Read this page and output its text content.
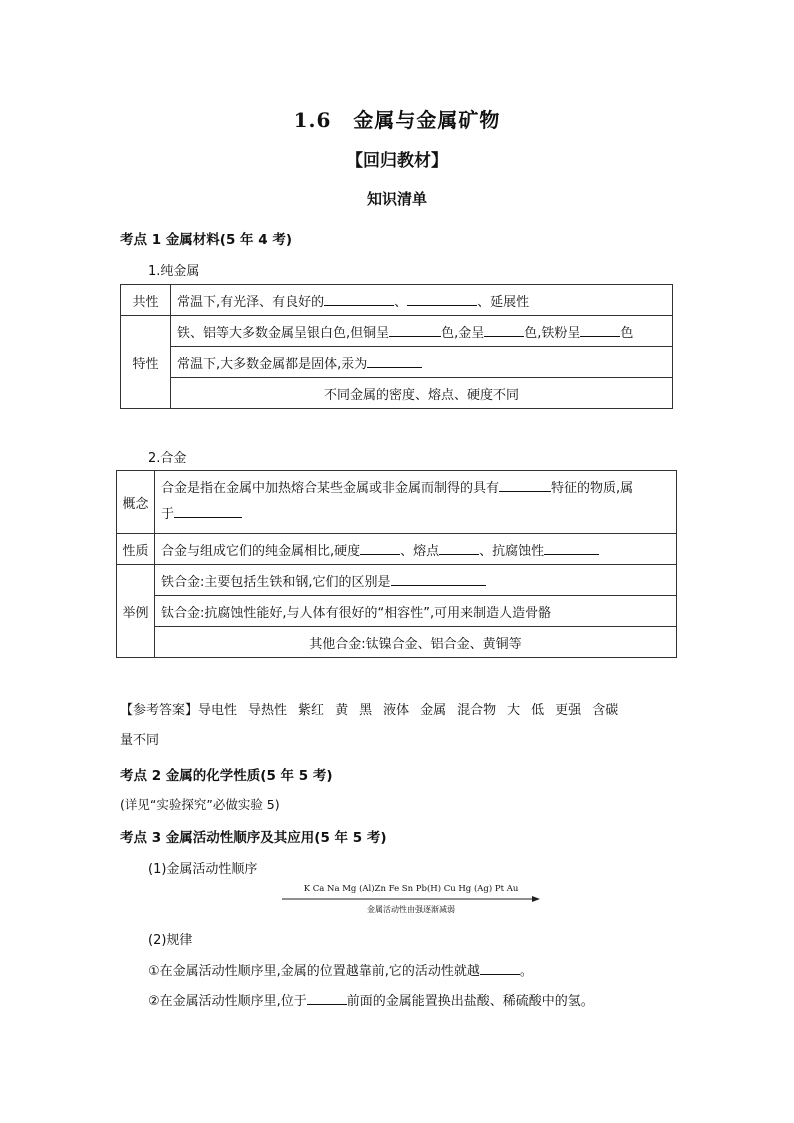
1.6 金属与金属矿物
【回归教材】
知识清单
考点 1 金属材料(5 年 4 考)
1.纯金属
共性	常温下,有光泽、有良好的 、 、延展性
特性	铁、铝等大多数金属呈银白色,但铜呈 色,金呈 色,铁粉呈 色
	常温下,大多数金属都是固体,汞为
	不同金属的密度、熔点、硬度不同
2.合金
概念	合金是指在金属中加热熔合某些金属或非金属而制得的具有 特征的物质,属
于
性质	合金与组成它们的纯金属相比,硬度 、熔点 、抗腐蚀性
举例	铁合金:主要包括生铁和钢,它们的区别是
	钛合金:抗腐蚀性能好,与人体有很好的“相容性”,可用来制造人造骨骼
	其他合金:钛镍合金、铝合金、黄铜等
【参考答案】导电性 导热性 紫红 黄 黑 液体 金属 混合物 大 低 更强 含碳
量不同
考点 2 金属的化学性质(5 年 5 考)
(详见“实验探究”必做实验 5)
考点 3 金属活动性顺序及其应用(5 年 5 考)
(1)金属活动性顺序
K Ca Na Mg (Al)Zn Fe Sn Pb(H) Cu Hg (Ag) Pt Au
金属活动性由强逐渐减弱
(2)规律
①在金属活动性顺序里,金属的位置越靠前,它的活动性就越	。
②在金属活动性顺序里,位于	前面的金属能置换出盐酸、稀硫酸中的氢。
